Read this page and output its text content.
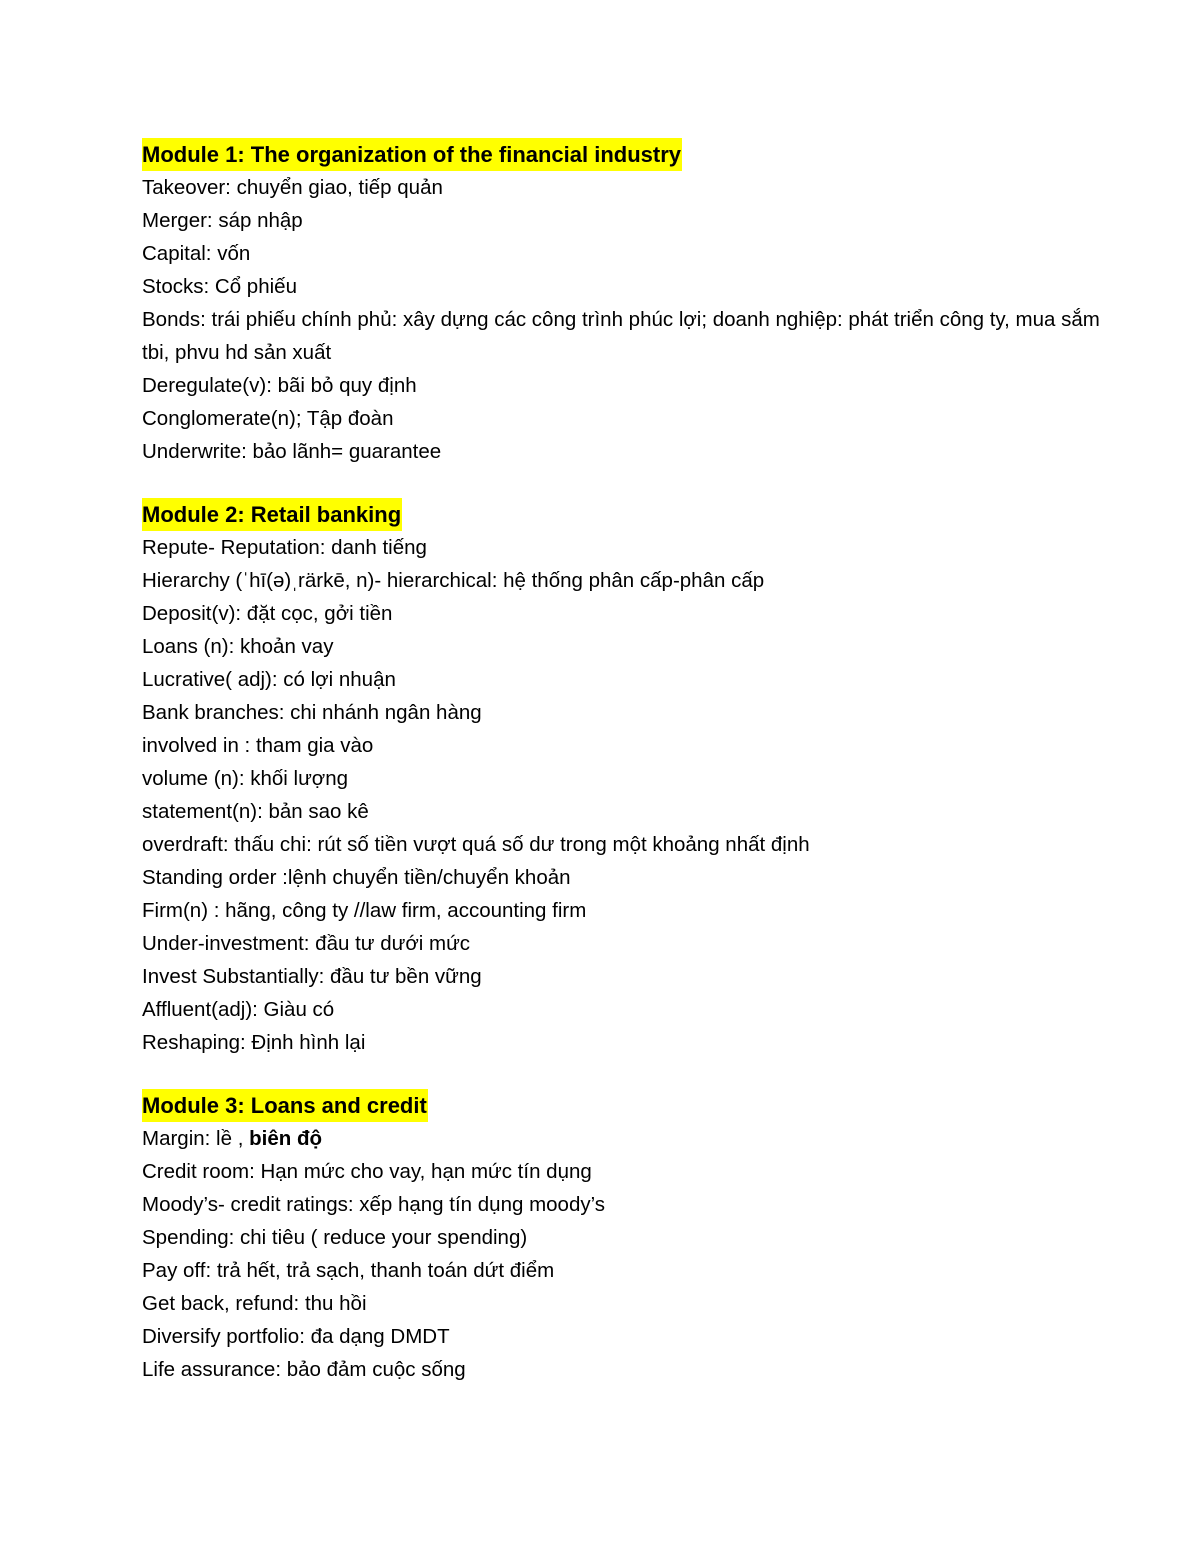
Module 1: The organization of the financial industry
Takeover: chuyển giao, tiếp quản
Merger: sáp nhập
Capital: vốn
Stocks: Cổ phiếu
Bonds: trái phiếu chính phủ: xây dựng các công trình phúc lợi; doanh nghiệp: phát triển công ty, mua sắm tbi, phvu hd sản xuất
Deregulate(v): bãi bỏ quy định
Conglomerate(n); Tập đoàn
Underwrite: bảo lãnh= guarantee
Module 2: Retail banking
Repute- Reputation: danh tiếng
Hierarchy (ˈhī(ə)ˌrärkē, n)- hierarchical: hệ thống phân cấp-phân cấp
Deposit(v): đặt cọc, gởi tiền
Loans (n): khoản vay
Lucrative( adj): có lợi nhuận
Bank branches: chi nhánh ngân hàng
involved in : tham gia vào
volume (n): khối lượng
statement(n): bản sao kê
overdraft: thấu chi: rút số tiền vượt quá số dư trong một khoảng nhất định
Standing order :lệnh chuyển tiền/chuyển khoản
Firm(n) : hãng, công ty //law firm, accounting firm
Under-investment: đầu tư dưới mức
Invest Substantially: đầu tư bền vững
Affluent(adj): Giàu có
Reshaping: Định hình lại
Module 3: Loans and credit
Margin: lề , biên độ
Credit room: Hạn mức cho vay, hạn mức tín dụng
Moody’s- credit ratings: xếp hạng tín dụng moody’s
Spending: chi tiêu ( reduce your spending)
Pay off: trả hết, trả sạch, thanh toán dứt điểm
Get back, refund: thu hồi
Diversify portfolio: đa dạng DMDT
Life assurance: bảo đảm cuộc sống
